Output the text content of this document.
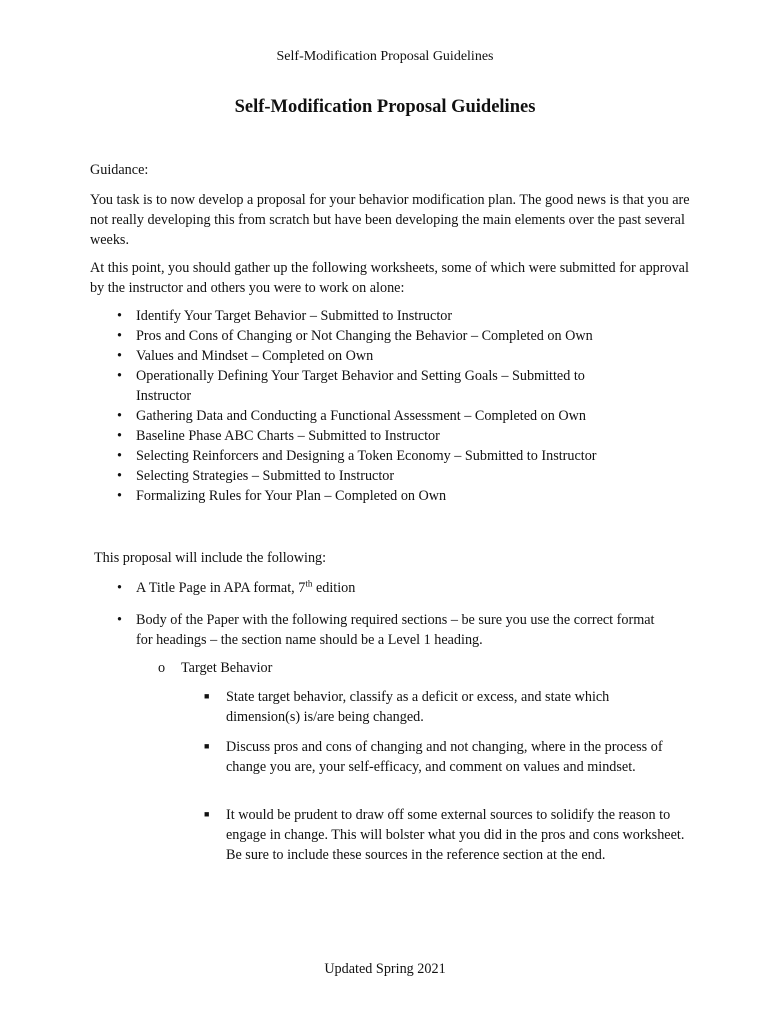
Self-Modification Proposal Guidelines
Self-Modification Proposal Guidelines
Guidance:
You task is to now develop a proposal for your behavior modification plan. The good news is that you are not really developing this from scratch but have been developing the main elements over the past several weeks.
At this point, you should gather up the following worksheets, some of which were submitted for approval by the instructor and others you were to work on alone:
• Identify Your Target Behavior – Submitted to Instructor
• Pros and Cons of Changing or Not Changing the Behavior – Completed on Own
• Values and Mindset – Completed on Own
• Operationally Defining Your Target Behavior and Setting Goals – Submitted to Instructor
• Gathering Data and Conducting a Functional Assessment – Completed on Own
• Baseline Phase ABC Charts – Submitted to Instructor
• Selecting Reinforcers and Designing a Token Economy – Submitted to Instructor
• Selecting Strategies – Submitted to Instructor
• Formalizing Rules for Your Plan – Completed on Own
This proposal will include the following:
• A Title Page in APA format, 7th edition
• Body of the Paper with the following required sections – be sure you use the correct format for headings – the section name should be a Level 1 heading.
o Target Behavior
■ State target behavior, classify as a deficit or excess, and state which dimension(s) is/are being changed.
■ Discuss pros and cons of changing and not changing, where in the process of change you are, your self-efficacy, and comment on values and mindset.
■ It would be prudent to draw off some external sources to solidify the reason to engage in change. This will bolster what you did in the pros and cons worksheet. Be sure to include these sources in the reference section at the end.
Updated Spring 2021
